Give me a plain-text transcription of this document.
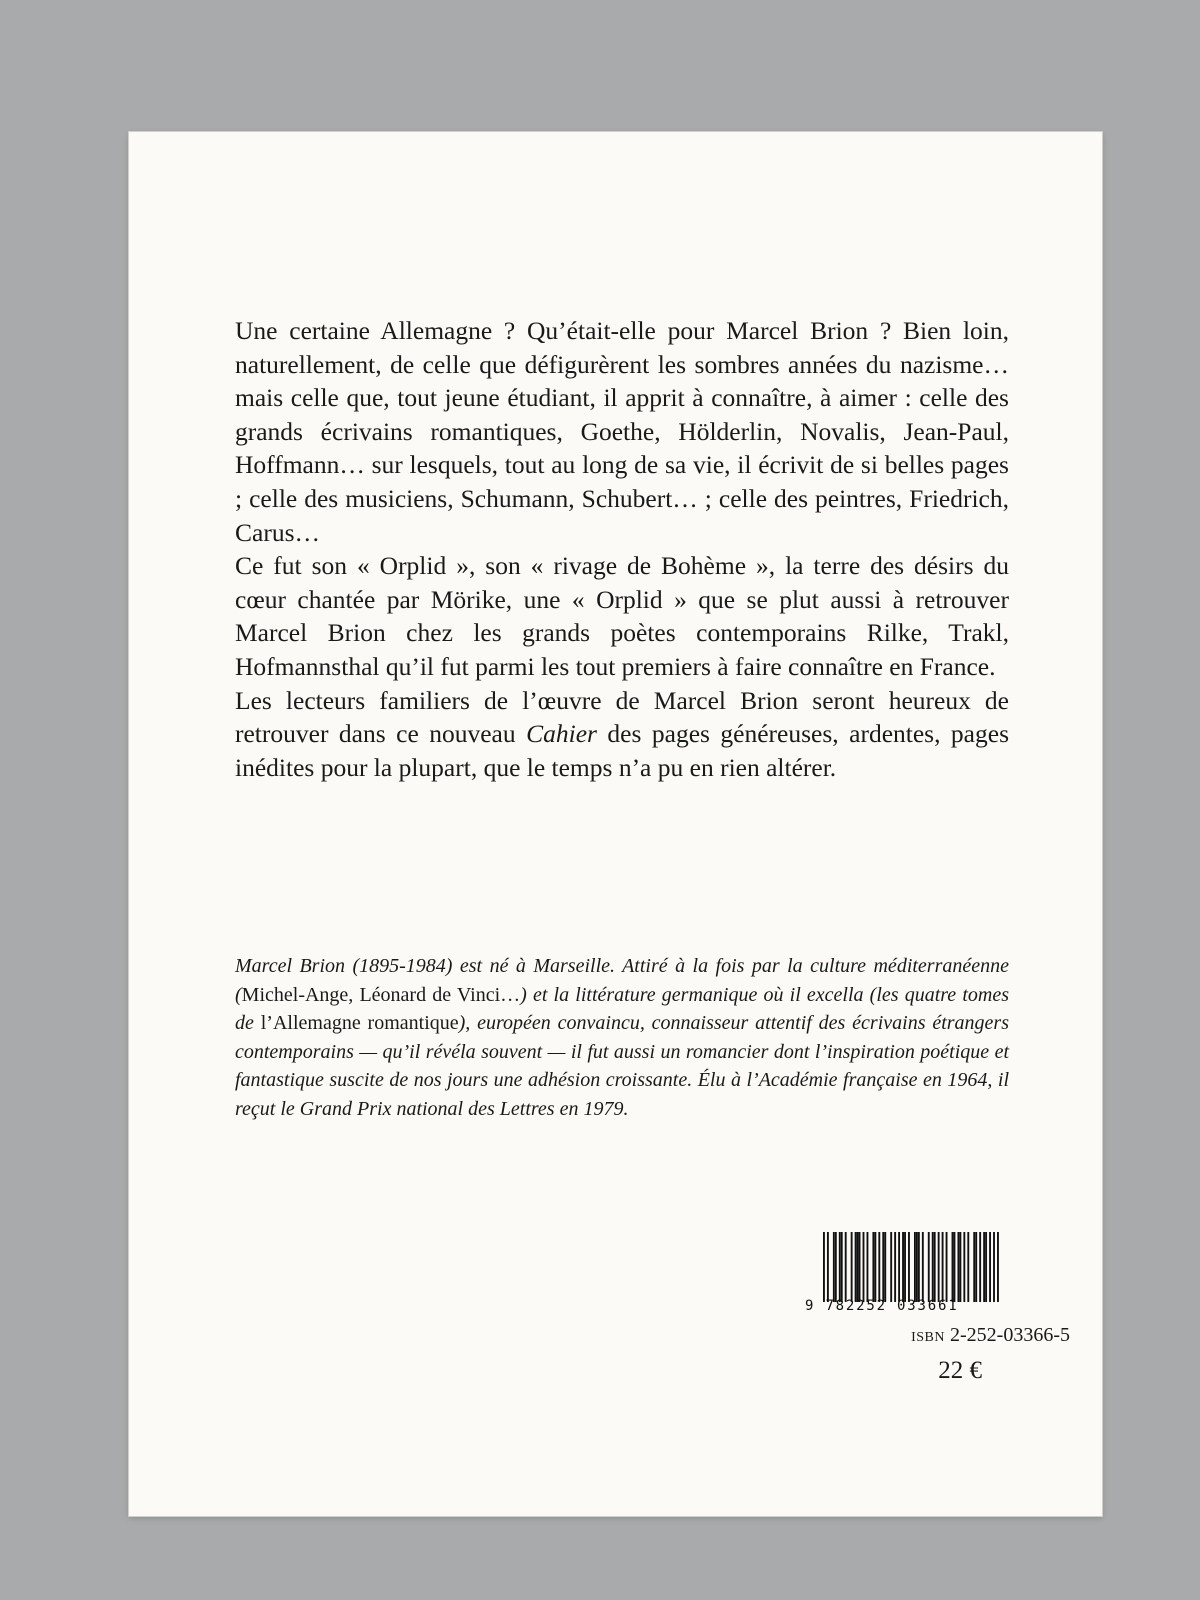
Une certaine Allemagne ? Qu’était-elle pour Marcel Brion ? Bien loin, naturellement, de celle que défigurèrent les sombres années du nazisme… mais celle que, tout jeune étudiant, il apprit à connaître, à aimer : celle des grands écrivains romantiques, Goethe, Hölderlin, Novalis, Jean-Paul, Hoffmann… sur lesquels, tout au long de sa vie, il écrivit de si belles pages ; celle des musiciens, Schumann, Schubert… ; celle des peintres, Friedrich, Carus…

Ce fut son « Orplid », son « rivage de Bohème », la terre des désirs du cœur chantée par Mörike, une « Orplid » que se plut aussi à retrouver Marcel Brion chez les grands poètes contemporains Rilke, Trakl, Hofmannsthal qu’il fut parmi les tout premiers à faire connaître en France.

Les lecteurs familiers de l’œuvre de Marcel Brion seront heureux de retrouver dans ce nouveau Cahier des pages généreuses, ardentes, pages inédites pour la plupart, que le temps n’a pu en rien altérer.

Marcel Brion (1895-1984) est né à Marseille. Attiré à la fois par la culture méditerranéenne (Michel-Ange, Léonard de Vinci…) et la littérature germanique où il excella (les quatre tomes de l’Allemagne romantique), européen convaincu, connaisseur attentif des écrivains étrangers contemporains — qu’il révéla souvent — il fut aussi un romancier dont l’inspiration poétique et fantastique suscite de nos jours une adhésion croissante. Élu à l’Académie française en 1964, il reçut le Grand Prix national des Lettres en 1979.

9 782252 033661
ISBN 2-252-03366-5
22 €
